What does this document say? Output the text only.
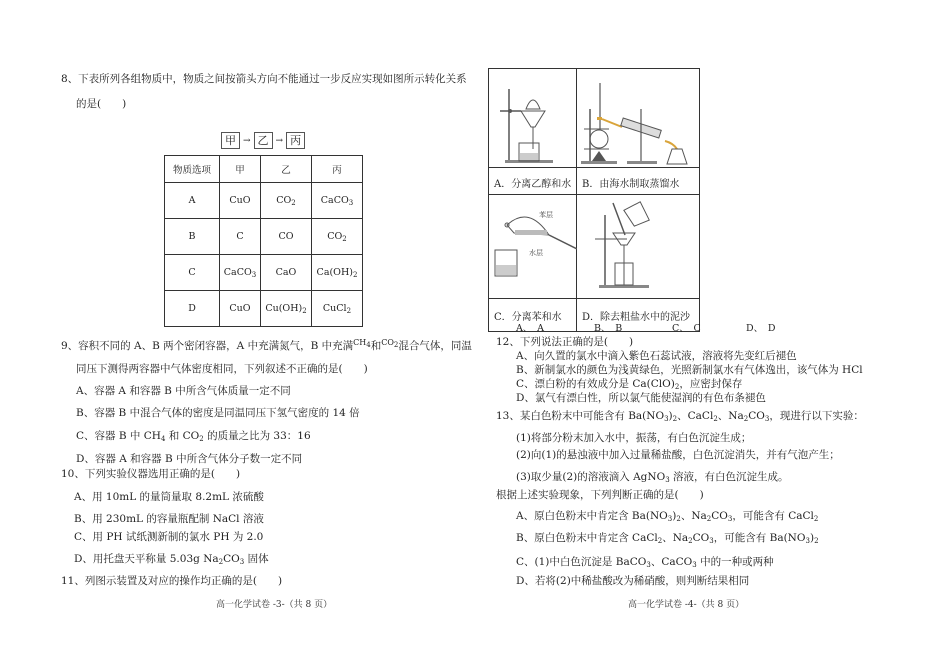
8、下表所列各组物质中，物质之间按箭头方向不能通过一步反应实现如图所示转化关系
的是(　　)
甲 → 乙 → 丙
物质选项	甲	乙	丙
A	CuO	$CO_2$	CaCO$_3$
B	C	CO	$CO_2$
C	CaCO$_3$	CaO	$Ca(OH)_2$
D	CuO	$Cu(OH)_2$	CuCl$_2$
9、容积不同的 A、B 两个密闭容器，A 中充满氮气，B 中充满$^{CH_4}$和$^{CO_2}$混合气体，同温
同压下测得两容器中气体密度相同，下列叙述不正确的是(　　)
A、容器 A 和容器 B 中所含气体质量一定不同
B、容器 B 中混合气体的密度是同温同压下氢气密度的 14 倍
C、容器 B 中 $CH_4$ 和 $CO_2$ 的质量之比为 33：16
D、容器 A 和容器 B 中所含气体分子数一定不同
10、下列实验仪器选用正确的是(　　)
A、用 10mL 的量筒量取 8.2mL 浓硫酸
B、用 230mL 的容量瓶配制 NaCl 溶液
C、用 PH 试纸测新制的氯水 PH 为 2.0
D、用托盘天平称量 5.03g $Na_2CO_3$ 固体
11、列图示装置及对应的操作均正确的是(　　)
高一化学试卷 -3-（共 8 页）
A．分离乙醇和水 B．由海水制取蒸馏水
苯层
水层
C．分离苯和水 D．除去粗盐水中的泥沙
A、　A	B、　B	C、　C	D、　D
12、下列说法正确的是(　　)
A、向久置的氯水中滴入紫色石蕊试液，溶液将先变红后褪色
B、新制氯水的颜色为浅黄绿色，光照新制氯水有气体逸出，该气体为 HCl
C、漂白粉的有效成分是 $Ca(ClO)_2$，应密封保存
D、氯气有漂白性，所以氯气能使湿润的有色布条褪色
13、某白色粉末中可能含有 $Ba(NO_3)_2$、CaCl$_2$、$Na_2CO_3$，现进行以下实验：
(1)将部分粉末加入水中，振荡，有白色沉淀生成；
(2)向(1)的悬浊液中加入过量稀盐酸，白色沉淀消失，并有气泡产生；
(3)取少量(2)的溶液滴入 AgNO$_3$ 溶液，有白色沉淀生成。
根据上述实验现象，下列判断正确的是(　　)
A、原白色粉末中肯定含 $Ba(NO_3)_2$、$Na_2CO_3$，可能含有 CaCl$_2$
B、原白色粉末中肯定含 CaCl$_2$、$Na_2CO_3$，可能含有 $Ba(NO_3)_2$
C、(1)中白色沉淀是 BaCO$_3$、CaCO$_3$ 中的一种或两种
D、若将(2)中稀盐酸改为稀硝酸，则判断结果相同
高一化学试卷 -4-（共 8 页）
